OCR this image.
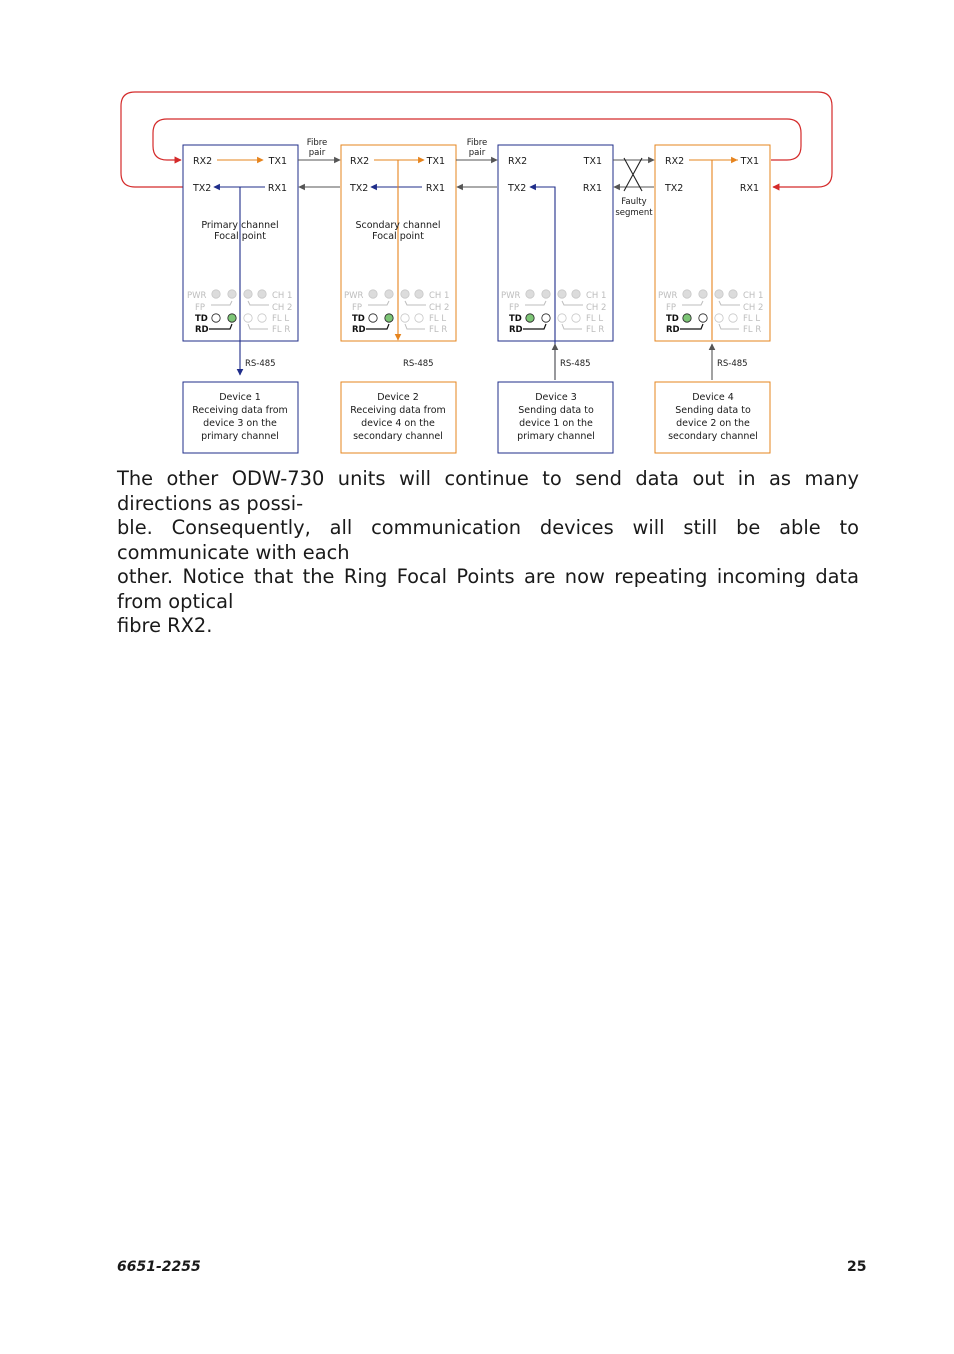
RX2	TX1
TX2	RX1
RX2	TX1
TX2	RX1
RX2	TX1
TX2	RX1
RX2	TX1
TX2	RX1
Fibre
pair
Fibre
pair
Faulty
segment
Primary channel
Focal point
Scondary channel
Focal point
PWR
FP
TD
RD
CH 1
CH 2
FL L
FL R
PWR
FP
TD
RD
CH 1
CH 2
FL L
FL R
PWR
FP
TD
RD
CH 1
CH 2
FL L
FL R
PWR
FP
TD
RD
CH 1
CH 2
FL L
FL R
RS-485	RS-485	RS-485	RS-485
Device 1
Receiving data from
device 3 on the
primary channel
Device 2
Receiving data from
device 4 on the
secondary channel
Device 3
Sending data to
device 1 on the
primary channel
Device 4
Sending data to
device 2 on the
secondary channel

The other ODW-730 units will continue to send data out in as many directions as possi-
ble. Consequently, all communication devices will still be able to communicate with each
other. Notice that the Ring Focal Points are now repeating incoming data from optical
fibre RX2.

6651-2255	25
